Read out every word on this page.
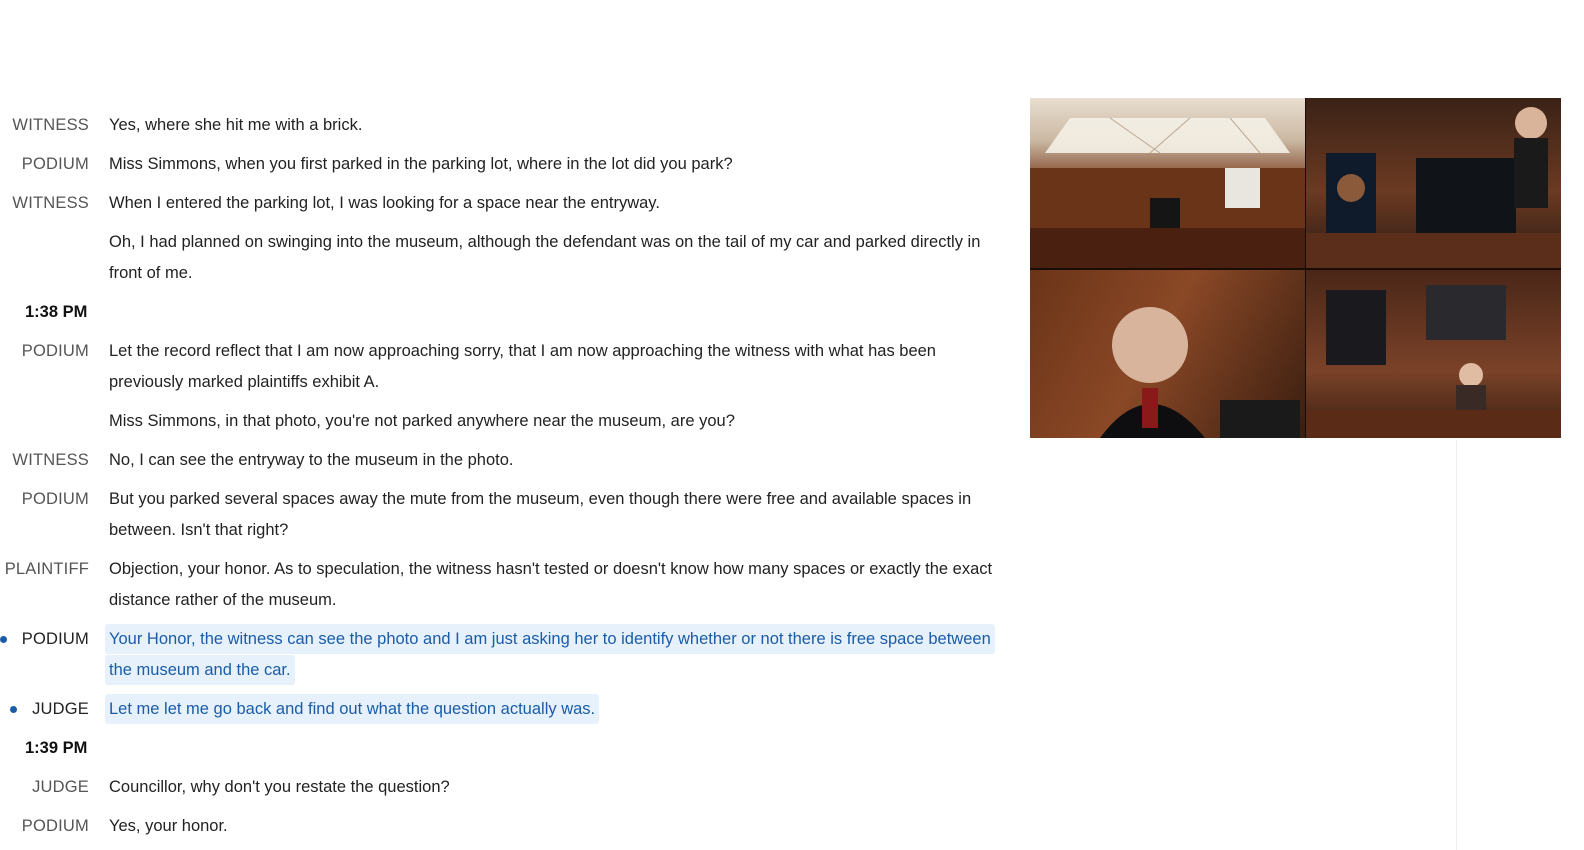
WITNESS Yes, where she hit me with a brick.
PODIUM Miss Simmons, when you first parked in the parking lot, where in the lot did you park?
WITNESS When I entered the parking lot, I was looking for a space near the entryway.
Oh, I had planned on swinging into the museum, although the defendant was on the tail of my car and parked directly in front of me.
1:38 PM
PODIUM Let the record reflect that I am now approaching sorry, that I am now approaching the witness with what has been previously marked plaintiffs exhibit A.
Miss Simmons, in that photo, you're not parked anywhere near the museum, are you?
WITNESS No, I can see the entryway to the museum in the photo.
PODIUM But you parked several spaces away the mute from the museum, even though there were free and available spaces in between. Isn't that right?
PLAINTIFF Objection, your honor. As to speculation, the witness hasn't tested or doesn't know how many spaces or exactly the exact distance rather of the museum.
PODIUM Your Honor, the witness can see the photo and I am just asking her to identify whether or not there is free space between the museum and the car.
JUDGE Let me let me go back and find out what the question actually was.
1:39 PM
JUDGE Councillor, why don't you restate the question?
PODIUM Yes, your honor.
